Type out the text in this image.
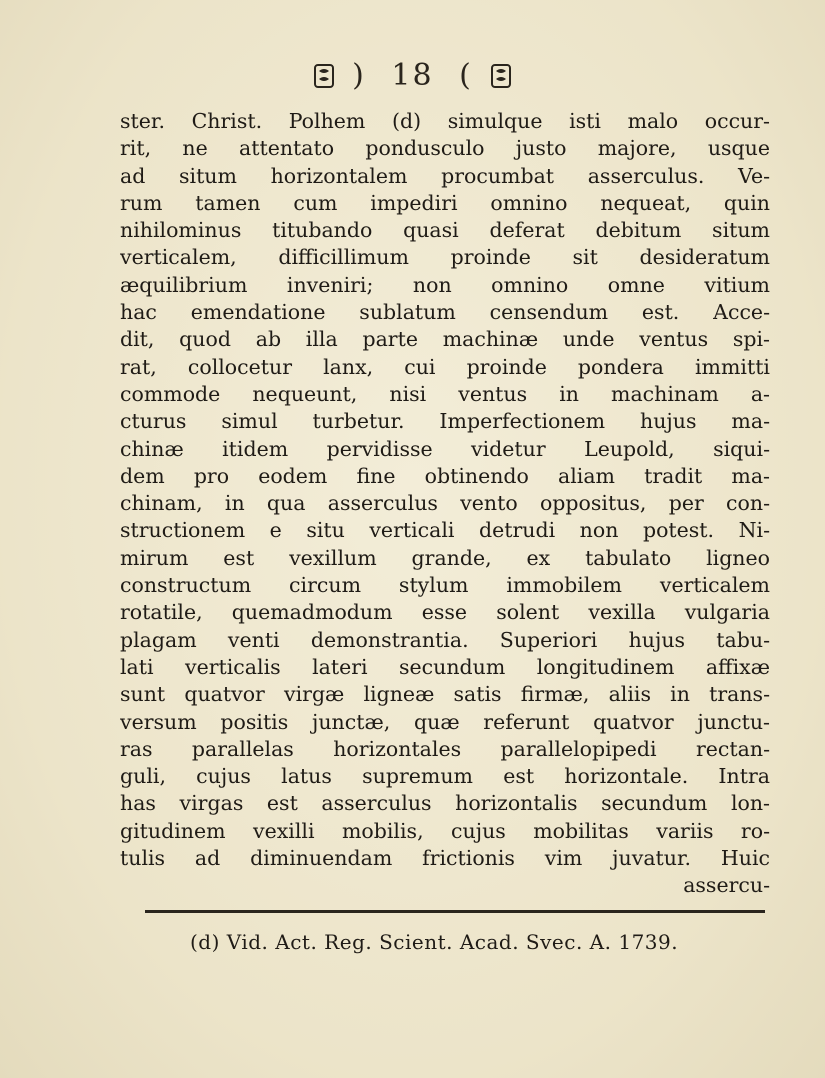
) 18 (
ster. Christ. Polhem (d) simulque isti malo occur-
rit, ne attentato pondusculo justo majore, usque
ad situm horizontalem procumbat asserculus. Ve-
rum tamen cum impediri omnino nequeat, quin
nihilominus titubando quasi deferat debitum situm
verticalem, difficillimum proinde sit desideratum
æquilibrium inveniri; non omnino omne vitium
hac emendatione sublatum censendum est. Acce-
dit, quod ab illa parte machinæ unde ventus spi-
rat, collocetur lanx, cui proinde pondera immitti
commode nequeunt, nisi ventus in machinam a-
cturus simul turbetur. Imperfectionem hujus ma-
chinæ itidem pervidisse videtur Leupold, siqui-
dem pro eodem fine obtinendo aliam tradit ma-
chinam, in qua asserculus vento oppositus, per con-
structionem e situ verticali detrudi non potest. Ni-
mirum est vexillum grande, ex tabulato ligneo
constructum circum stylum immobilem verticalem
rotatile, quemadmodum esse solent vexilla vulgaria
plagam venti demonstrantia. Superiori hujus tabu-
lati verticalis lateri secundum longitudinem affixæ
sunt quatvor virgæ ligneæ satis firmæ, aliis in trans-
versum positis junctæ, quæ referunt quatvor junctu-
ras parallelas horizontales parallelopipedi rectan-
guli, cujus latus supremum est horizontale. Intra
has virgas est asserculus horizontalis secundum lon-
gitudinem vexilli mobilis, cujus mobilitas variis ro-
tulis ad diminuendam frictionis vim juvatur. Huic
assercu-
(d) Vid. Act. Reg. Scient. Acad. Svec. A. 1739.
